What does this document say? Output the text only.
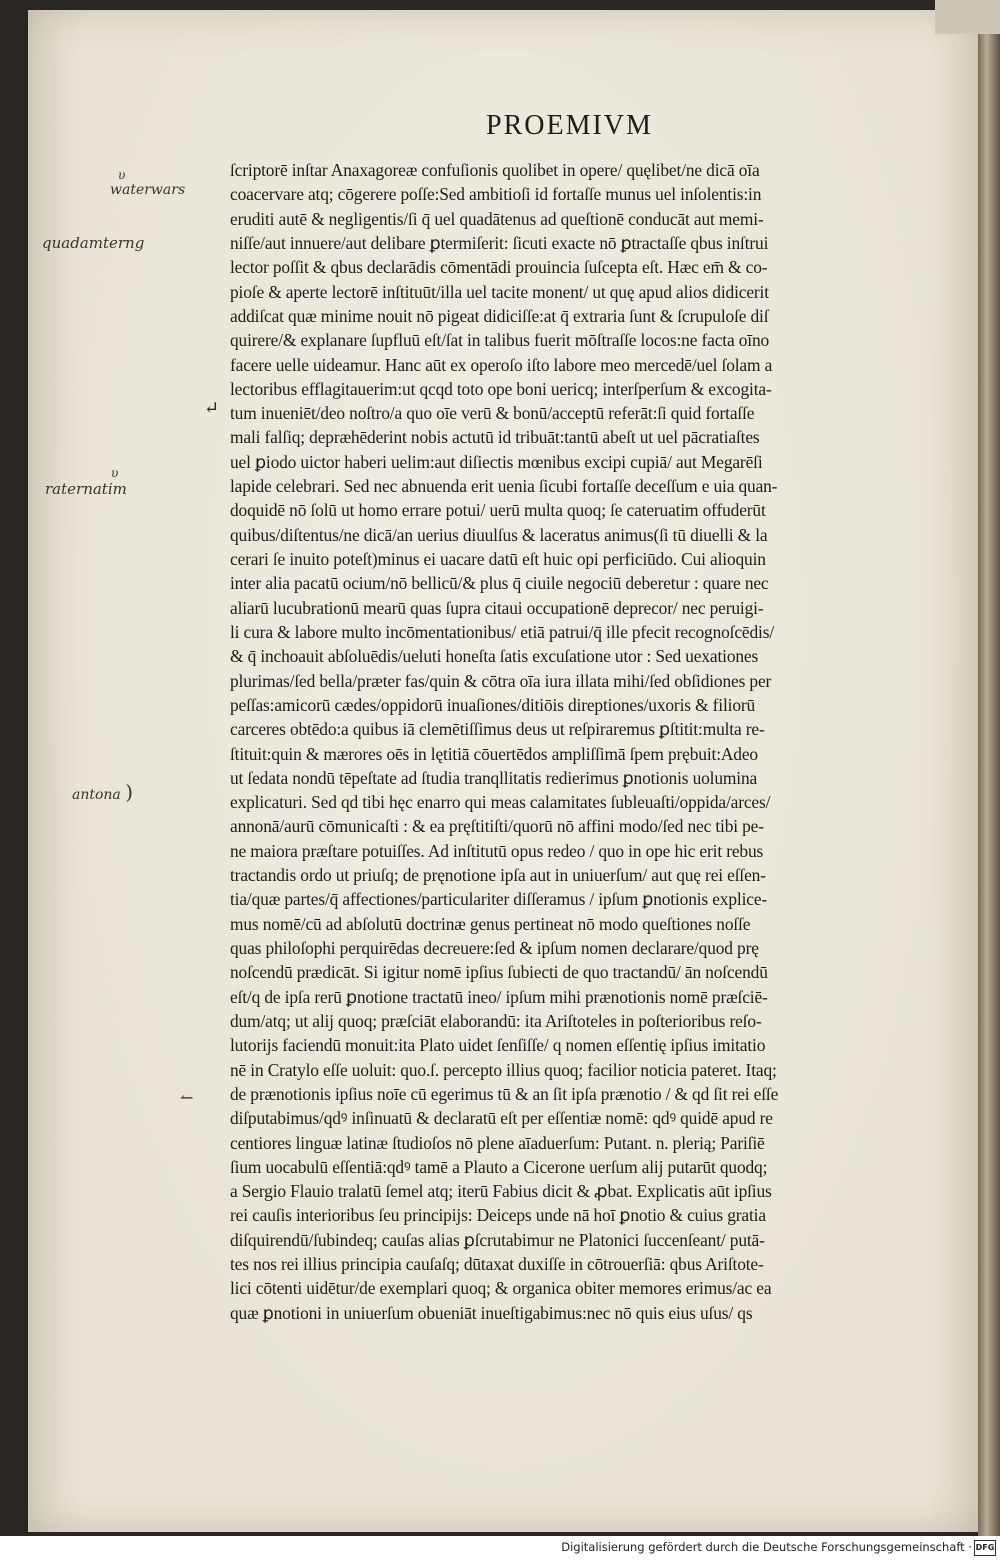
PROEMIVM
ſcriptorē inſtar Anaxagoreæ confuſionis quolibet in opere/ quęlibet/ne dicā oīa
coacervare atq; cōgerere poſſe:Sed ambitioſi id fortaſſe munus uel inſolentis:in
eruditi autē & negligentis/ſi q̄ uel quadātenus ad queſtionē conducāt aut memi-
niſſe/aut innuere/aut delibare ꝑtermiſerit: ſicuti exacte nō ꝑtractaſſe qbus inſtrui
lector poſſit & qbus declarādis cōmentādi prouincia ſuſcepta eſt. Hæc em̄ & co-
pioſe & aperte lectorē inſtituūt/illa uel tacite monent/ ut quę apud alios didicerit
addiſcat quæ minime nouit nō pigeat didiciſſe:at q̄ extraria ſunt & ſcrupuloſe diſ
quirere/& explanare ſupfluū eſt/ſat in talibus fuerit mōſtraſſe locos:ne facta oīno
facere uelle uideamur. Hanc aūt ex operoſo iſto labore meo mercedē/uel ſolam a
lectoribus efflagitauerim:ut qcqd toto ope boni uericq; interſperſum & excogita-
tum inueniēt/deo noſtro/a quo oīe verū & bonū/acceptū referāt:ſi quid fortaſſe
mali falſiq; depræhēderint nobis actutū id tribuāt:tantū abeſt ut uel pācratiaſtes
uel ꝑiodo uictor haberi uelim:aut diſiectis mœnibus excipi cupiā/ aut Megarēſi
lapide celebrari. Sed nec abnuenda erit uenia ſicubi fortaſſe deceſſum e uia quan-
doquidē nō ſolū ut homo errare potui/ uerū multa quoq; ſe cateruatim offuderūt
quibus/diſtentus/ne dicā/an uerius diuulſus & laceratus animus(ſi tū diuelli & la
cerari ſe inuito poteſt)minus ei uacare datū eſt huic opi perficiūdo. Cui alioquin
inter alia pacatū ocium/nō bellicū/& plus q̄ ciuile negociū deberetur : quare nec
aliarū lucubrationū mearū quas ſupra citaui occupationē deprecor/ nec peruigi-
li cura & labore multo incōmentationibus/ etiā patrui/q̄ ille pfecit recognoſcēdis/
& q̄ inchoauit abſoluēdis/ueluti honeſta ſatis excuſatione utor : Sed uexationes
plurimas/ſed bella/præter fas/quin & cōtra oīa iura illata mihi/ſed obſidiones per
peſſas:amicorū cædes/oppidorū inuaſiones/ditiōis direptiones/uxoris & filiorū
carceres obtēdo:a quibus iā clemētiſſimus deus ut reſpiraremus ꝑſtitit:multa re-
ſtituit:quin & mærores oēs in lętitiā cōuertēdos ampliſſimā ſpem prębuit:Adeo
ut ſedata nondū tēpeſtate ad ſtudia tranqllitatis redierimus ꝑnotionis uolumina
explicaturi. Sed qd tibi hęc enarro qui meas calamitates ſubleuaſti/oppida/arces/
annonā/aurū cōmunicaſti : & ea pręſtitiſti/quorū nō affini modo/ſed nec tibi pe-
ne maiora præſtare potuiſſes. Ad inſtitutū opus redeo / quo in ope hic erit rebus
tractandis ordo ut priuſq; de pręnotione ipſa aut in uniuerſum/ aut quę rei eſſen-
tia/quæ partes/q̄ affectiones/particulariter diſſeramus / ipſum ꝑnotionis explice-
mus nomē/cū ad abſolutū doctrinæ genus pertineat nō modo queſtiones noſſe
quas philoſophi perquirēdas decreuere:ſed & ipſum nomen declarare/quod prę
noſcendū prædicāt. Si igitur nomē ipſius ſubiecti de quo tractandū/ ān noſcendū
eſt/q de ipſa rerū ꝑnotione tractatū ineo/ ipſum mihi prænotionis nomē præſciē-
dum/atq; ut alij quoq; præſciāt elaborandū: ita Ariſtoteles in poſterioribus reſo-
lutorijs faciendū monuit:ita Plato uidet ſenſiſſe/ q nomen eſſentię ipſius imitatio
nē in Cratylo eſſe uoluit: quo.ſ. percepto illius quoq; facilior noticia pateret. Itaq;
de prænotionis ipſius noīe cū egerimus tū & an ſit ipſa prænotio / & qd ſit rei eſſe
diſputabimus/qdꝰ inſinuatū & declaratū eſt per eſſentiæ nomē: qdꝰ quidē apud re
centiores linguæ latinæ ſtudioſos nō plene aīaduerſum: Putant. n. plerią; Pariſiē
ſium uocabulū eſſentiā:qdꝰ tamē a Plauto a Cicerone uerſum alij putarūt quodq;
a Sergio Flauio tralatū ſemel atq; iterū Fabius dicit & ꝓbat. Explicatis aūt ipſius
rei cauſis interioribus ſeu principijs: Deiceps unde nā hoī ꝑnotio & cuius gratia
diſquirendū/ſubindeq; cauſas alias ꝑſcrutabimur ne Platonici ſuccenſeant/ putā-
tes nos rei illius principia cauſaſq; dūtaxat duxiſſe in cōtrouerſiā: qbus Ariſtote-
lici cōtenti uidētur/de exemplari quoq; & organica obiter memores erimus/ac ea
quæ ꝑnotioni in uniuerſum obueniāt inueſtigabimus:nec nō quis eius uſus/ qs
υ
waterwars
quadamterng
υ
raternatim
antona )
↵
↼
Digitalisierung gefördert durch die Deutsche Forschungsgemeinschaft · DFG
